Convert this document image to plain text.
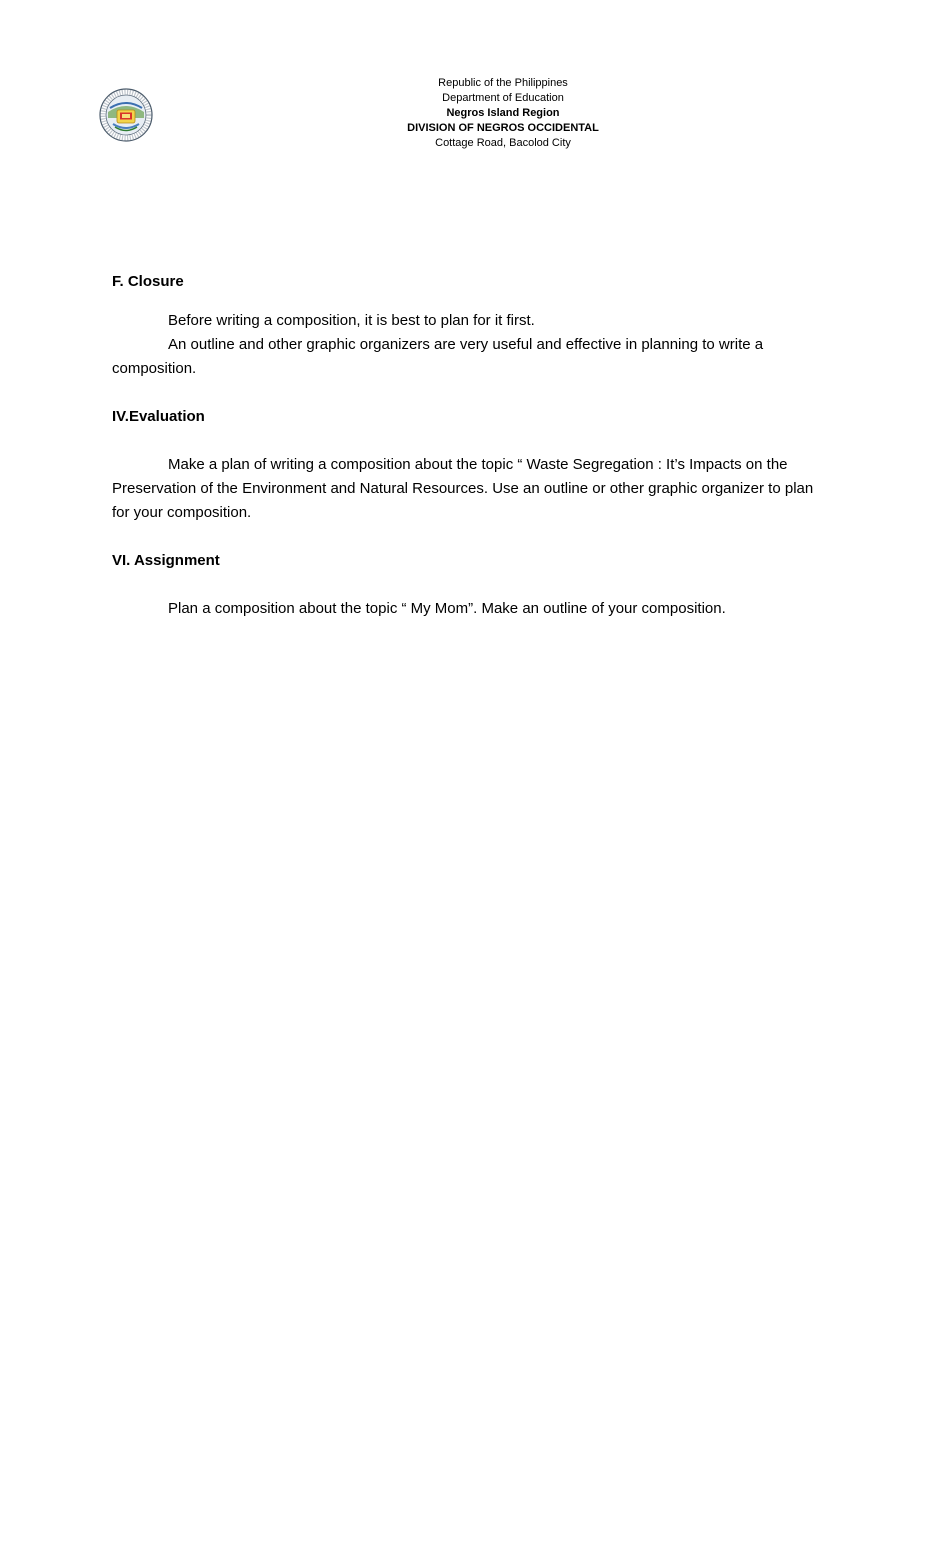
Republic of the Philippines
Department of Education
Negros Island Region
DIVISION OF NEGROS OCCIDENTAL
Cottage Road, Bacolod City

F. Closure

Before writing a composition, it is best to plan for it first.

An outline and other graphic organizers are very useful and effective in planning to write a composition.

IV.Evaluation

Make a plan of writing a composition about the topic “ Waste Segregation : It’s Impacts on the Preservation of the Environment and Natural Resources. Use an outline or other graphic organizer to plan for your composition.

VI. Assignment

Plan a composition about the topic “ My Mom”. Make an outline of your composition.
